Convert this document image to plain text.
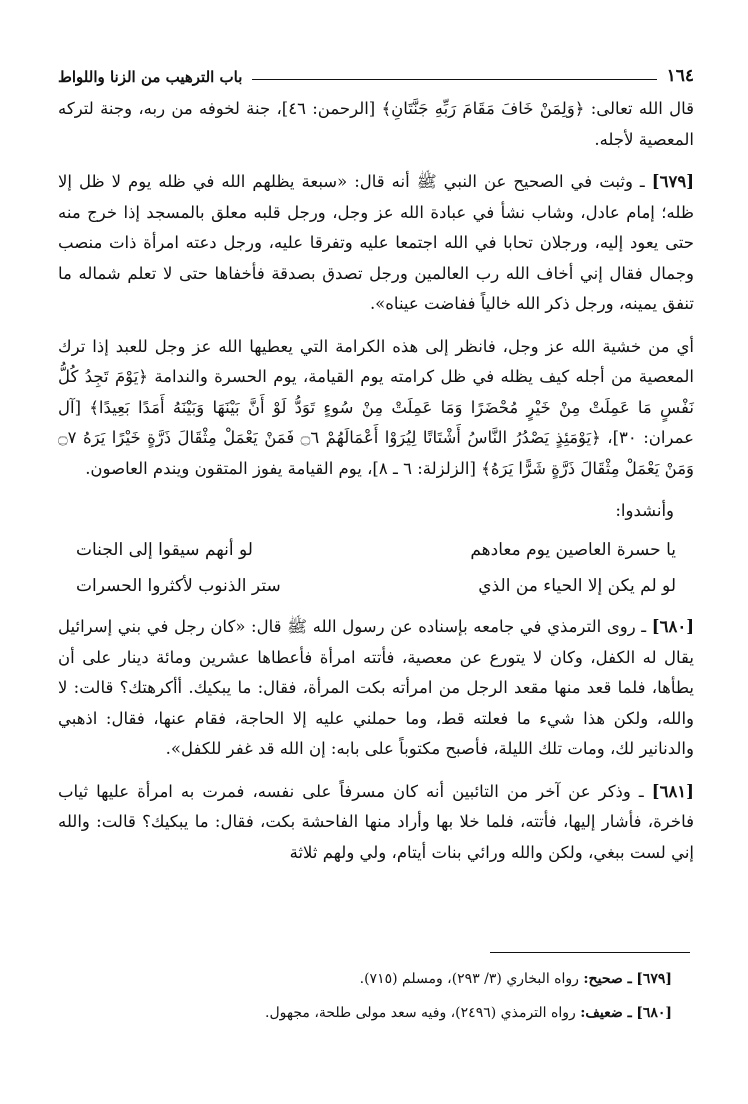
١٦٤
باب الترهيب من الزنا واللواط

قال الله تعالى: ﴿وَلِمَنْ خَافَ مَقَامَ رَبِّهِ جَنَّتَانِ﴾ [الرحمن: ٤٦]، جنة لخوفه من ربه، وجنة لتركه المعصية لأجله.

[٦٧٩] ـ وثبت في الصحيح عن النبي ﷺ أنه قال: «سبعة يظلهم الله في ظله يوم لا ظل إلا ظله؛ إمام عادل، وشاب نشأ في عبادة الله عز وجل، ورجل قلبه معلق بالمسجد إذا خرج منه حتى يعود إليه، ورجلان تحابا في الله اجتمعا عليه وتفرقا عليه، ورجل دعته امرأة ذات منصب وجمال فقال إني أخاف الله رب العالمين ورجل تصدق بصدقة فأخفاها حتى لا تعلم شماله ما تنفق يمينه، ورجل ذكر الله خالياً ففاضت عيناه».

أي من خشية الله عز وجل، فانظر إلى هذه الكرامة التي يعطيها الله عز وجل للعبد إذا ترك المعصية من أجله كيف يظله في ظل كرامته يوم القيامة، يوم الحسرة والندامة ﴿يَوْمَ تَجِدُ كُلُّ نَفْسٍ مَا عَمِلَتْ مِنْ خَيْرٍ مُحْضَرًا وَمَا عَمِلَتْ مِنْ سُوءٍ تَوَدُّ لَوْ أَنَّ بَيْنَهَا وَبَيْنَهُ أَمَدًا بَعِيدًا﴾ [آل عمران: ٣٠]، ﴿يَوْمَئِذٍ يَصْدُرُ النَّاسُ أَشْتَاتًا لِيُرَوْا أَعْمَالَهُمْ ۝٦ فَمَنْ يَعْمَلْ مِثْقَالَ ذَرَّةٍ خَيْرًا يَرَهُ ۝٧ وَمَنْ يَعْمَلْ مِثْقَالَ ذَرَّةٍ شَرًّا يَرَهُ﴾ [الزلزلة: ٦ ـ ٨]، يوم القيامة يفوز المتقون ويندم العاصون.

وأنشدوا:
يا حسرة العاصين يوم معادهم
لو أنهم سيقوا إلى الجنات
لو لم يكن إلا الحياء من الذي
ستر الذنوب لأكثروا الحسرات

[٦٨٠] ـ روى الترمذي في جامعه بإسناده عن رسول الله ﷺ قال: «كان رجل في بني إسرائيل يقال له الكفل، وكان لا يتورع عن معصية، فأتته امرأة فأعطاها عشرين ومائة دينار على أن يطأها، فلما قعد منها مقعد الرجل من امرأته بكت المرأة، فقال: ما يبكيك. أأكرهتك؟ قالت: لا والله، ولكن هذا شيء ما فعلته قط، وما حملني عليه إلا الحاجة، فقام عنها، فقال: اذهبي والدنانير لك، ومات تلك الليلة، فأصبح مكتوباً على بابه: إن الله قد غفر للكفل».

[٦٨١] ـ وذكر عن آخر من التائبين أنه كان مسرفاً على نفسه، فمرت به امرأة عليها ثياب فاخرة، فأشار إليها، فأتته، فلما خلا بها وأراد منها الفاحشة بكت، فقال: ما يبكيك؟ قالت: والله إني لست ببغي، ولكن والله ورائي بنات أيتام، ولي ولهم ثلاثة

[٦٧٩] ـ صحيح: رواه البخاري (٣/ ٢٩٣)، ومسلم (٧١٥).
[٦٨٠] ـ ضعيف: رواه الترمذي (٢٤٩٦)، وفيه سعد مولى طلحة، مجهول.
